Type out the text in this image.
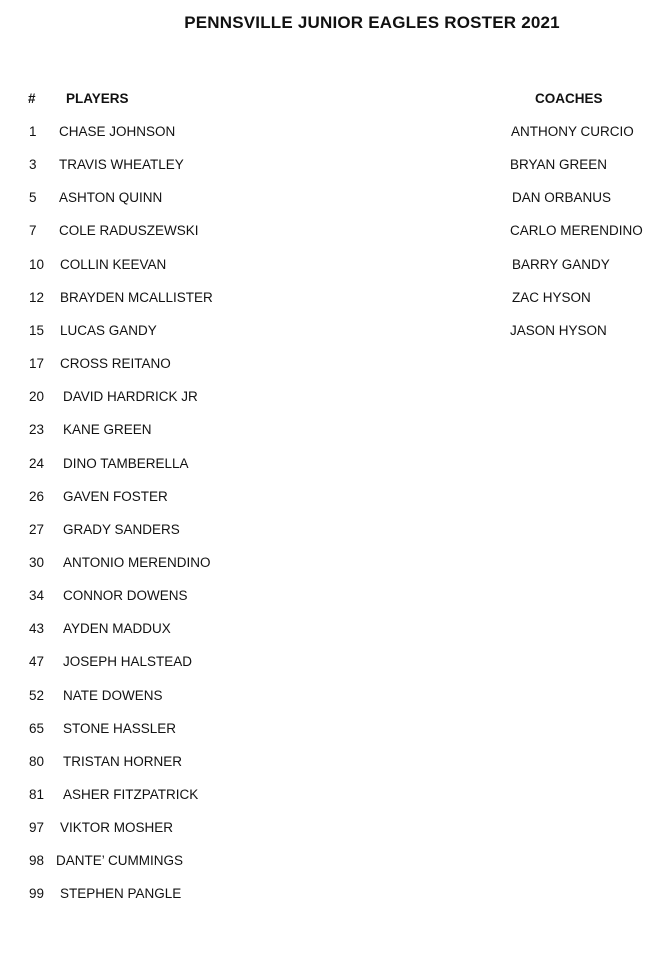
PENNSVILLE JUNIOR EAGLES ROSTER 2021
# PLAYERS	COACHES
1 CHASE JOHNSON
3 TRAVIS WHEATLEY
5 ASHTON QUINN
7 COLE RADUSZEWSKI
10 COLLIN KEEVAN
12 BRAYDEN MCALLISTER
15 LUCAS GANDY
17 CROSS REITANO
20 DAVID HARDRICK JR
23 KANE GREEN
24 DINO TAMBERELLA
26 GAVEN FOSTER
27 GRADY SANDERS
30 ANTONIO MERENDINO
34 CONNOR DOWENS
43 AYDEN MADDUX
47 JOSEPH HALSTEAD
52 NATE DOWENS
65 STONE HASSLER
80 TRISTAN HORNER
81 ASHER FITZPATRICK
97 VIKTOR MOSHER
98 DANTE’ CUMMINGS
99 STEPHEN PANGLE
ANTHONY CURCIO
BRYAN GREEN
DAN ORBANUS
CARLO MERENDINO
BARRY GANDY
ZAC HYSON
JASON HYSON
